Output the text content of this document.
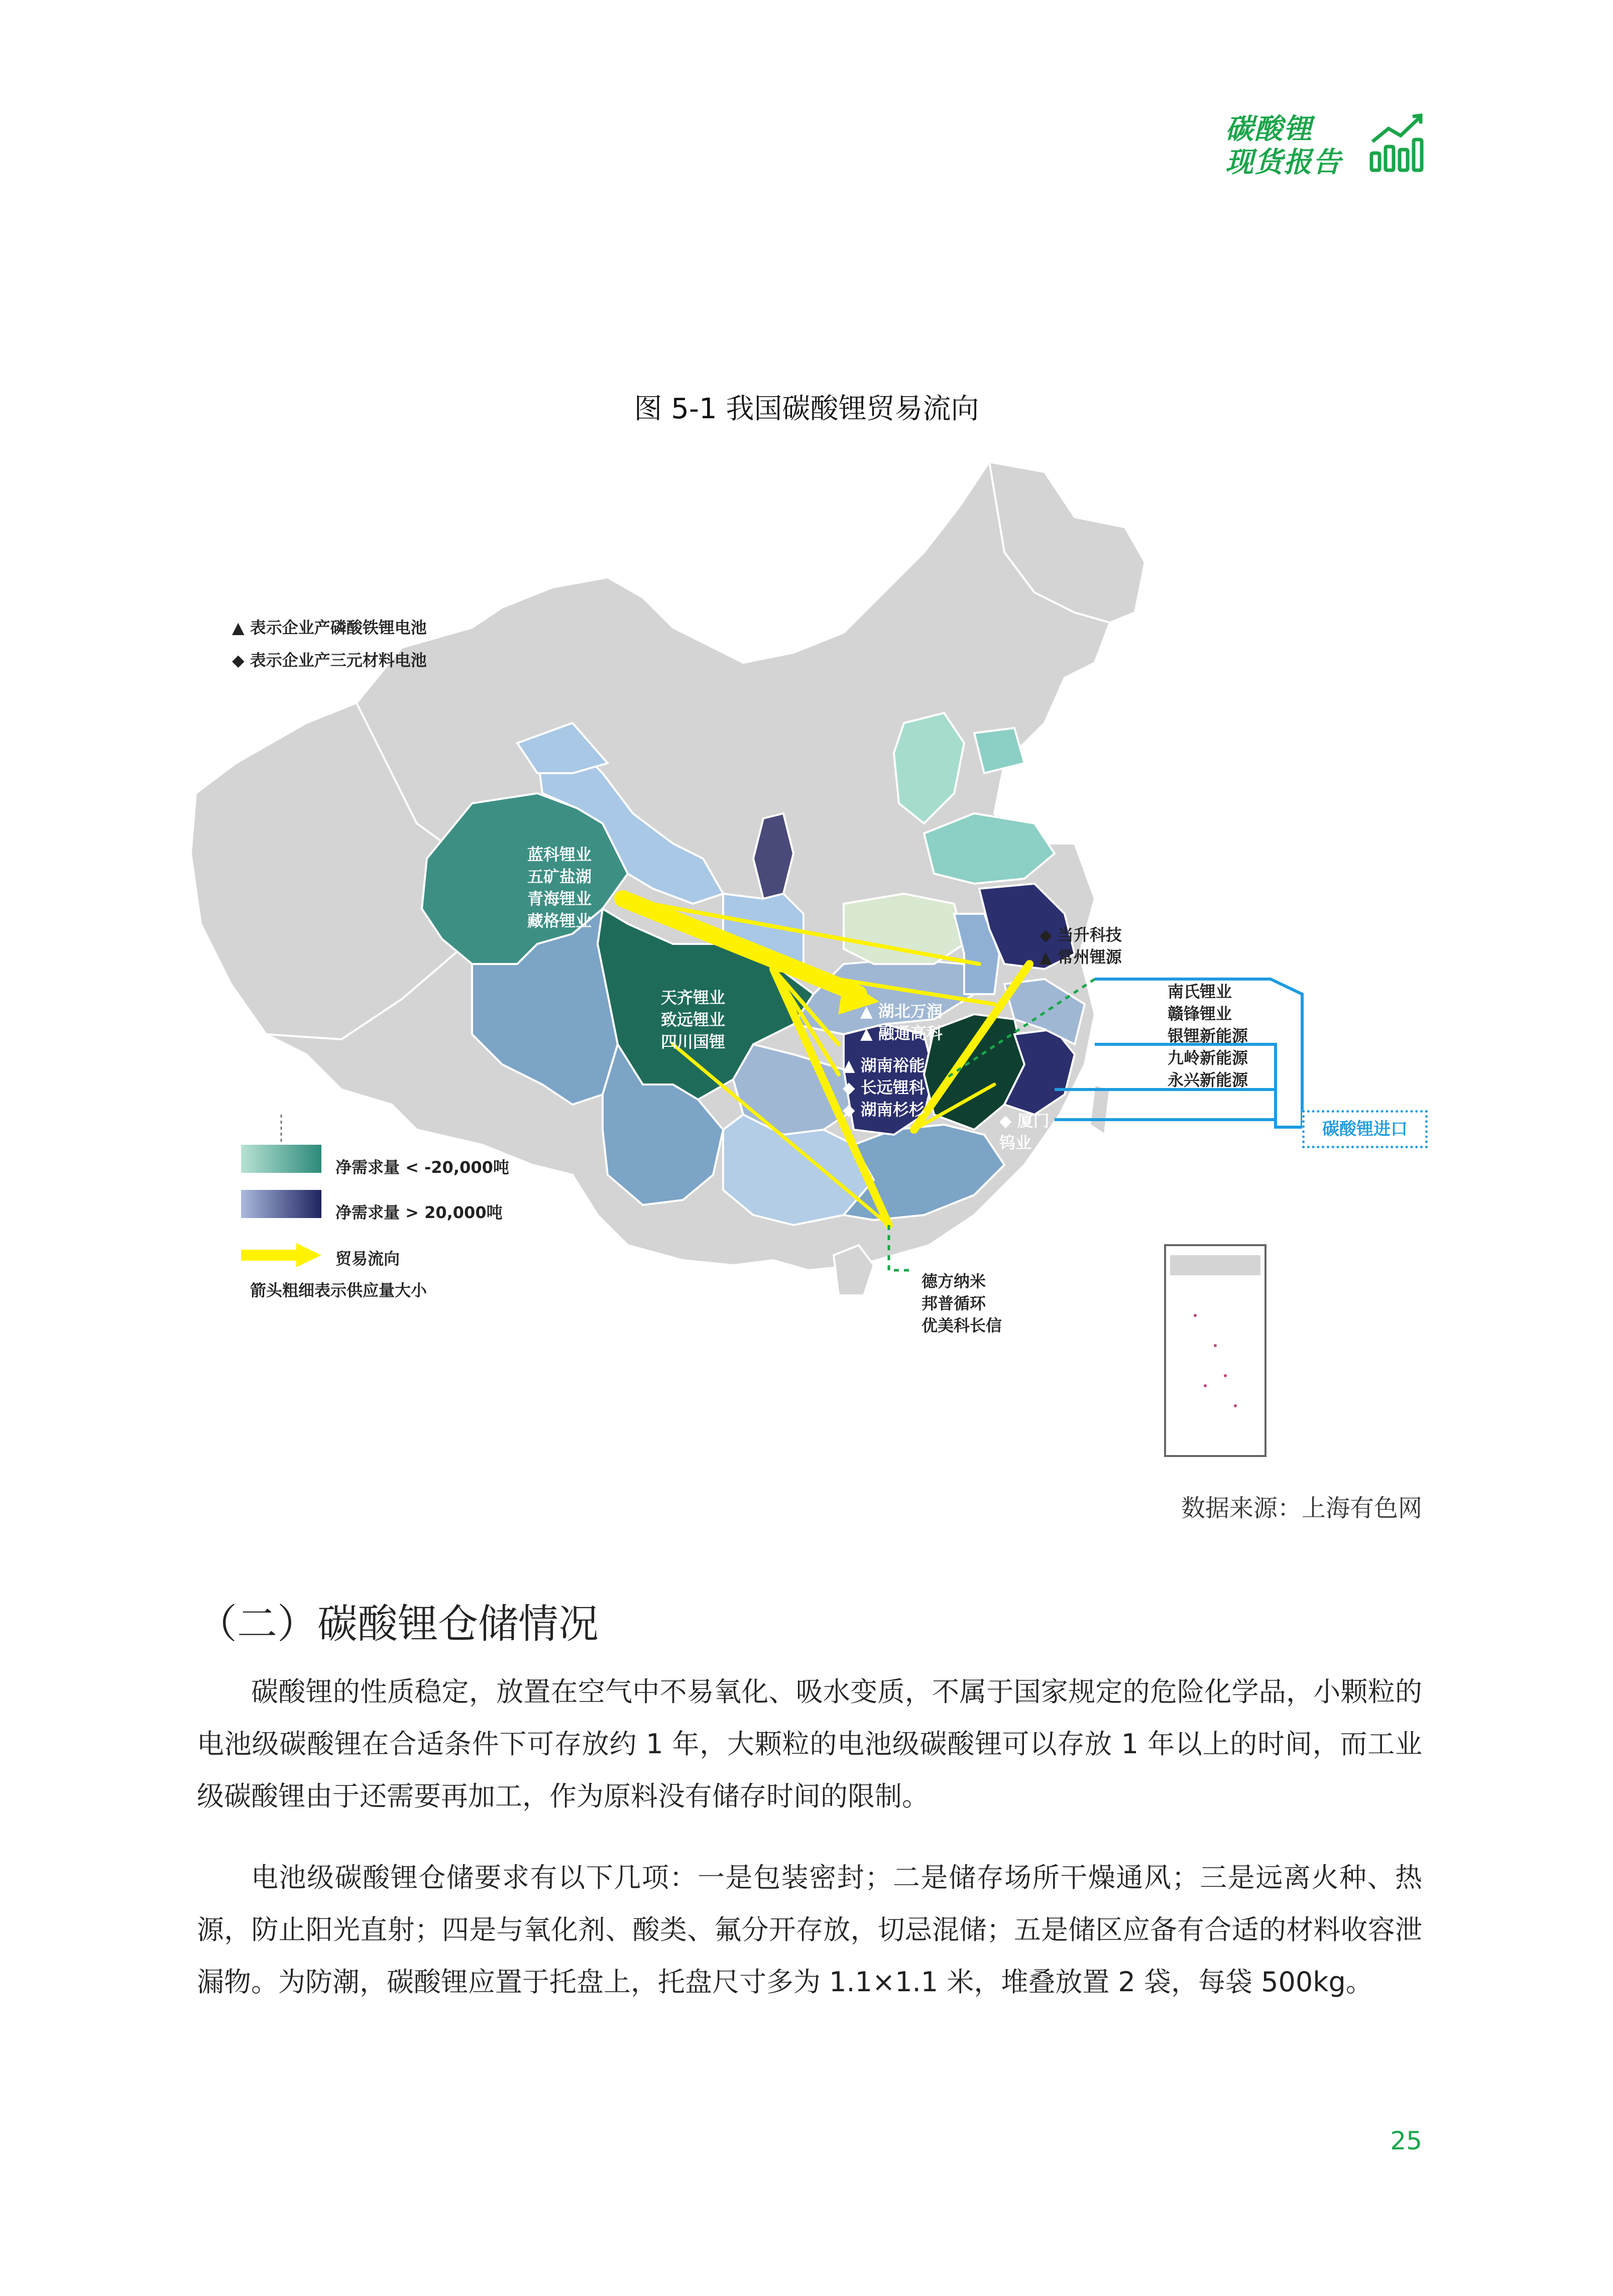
碳酸锂
现货报告
图 5-1 我国碳酸锂贸易流向
▲ 表示企业产磷酸铁锂电池
◆ 表示企业产三元材料电池
净需求量 < -20,000吨
净需求量 > 20,000吨
贸易流向
箭头粗细表示供应量大小
蓝科锂业
五矿盐湖
青海锂业
藏格锂业
天齐锂业
致远锂业
四川国锂
▲ 湖北万润
▲ 融通高科
▲ 湖南裕能
◆ 长远锂科
◆ 湖南杉杉
◆ 当升科技
▲ 常州锂源
◆ 厦门
钨业
南氏锂业
赣锋锂业
银锂新能源
九岭新能源
永兴新能源
德方纳米
邦普循环
优美科长信
碳酸锂进口
数据来源：上海有色网
（二）碳酸锂仓储情况

碳酸锂的性质稳定，放置在空气中不易氧化、吸水变质，不属于国家规定的危险化学品，小颗粒的电池级碳酸锂在合适条件下可存放约 1 年，大颗粒的电池级碳酸锂可以存放 1 年以上的时间，而工业级碳酸锂由于还需要再加工，作为原料没有储存时间的限制。

电池级碳酸锂仓储要求有以下几项：一是包装密封；二是储存场所干燥通风；三是远离火种、热源，防止阳光直射；四是与氧化剂、酸类、氟分开存放，切忌混储；五是储区应备有合适的材料收容泄漏物。为防潮，碳酸锂应置于托盘上，托盘尺寸多为 1.1×1.1 米，堆叠放置 2 袋，每袋 500kg。

25
